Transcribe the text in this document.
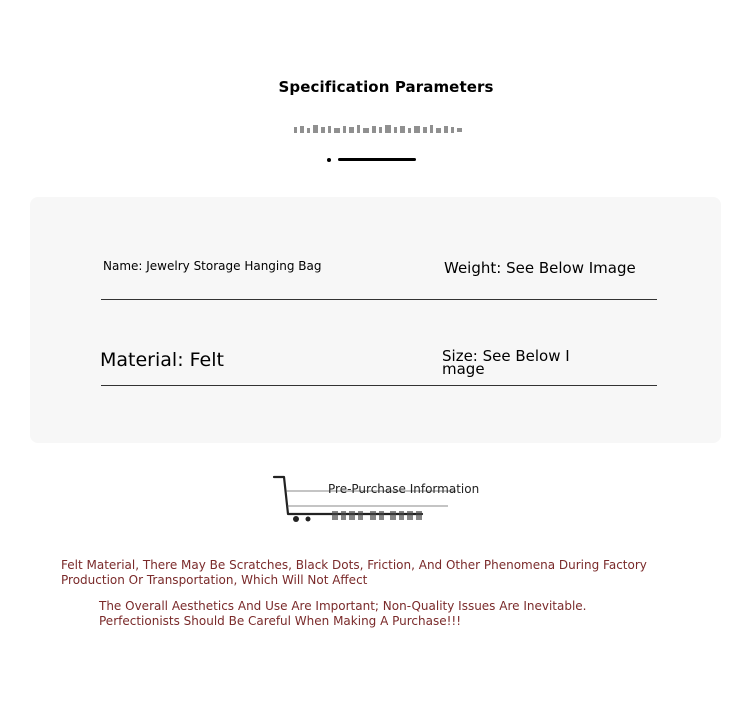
Specification Parameters
Name: Jewelry Storage Hanging Bag	Weight: See Below Image
Material: Felt	Size: See Below I mage
Pre-Purchase Information
Felt Material, There May Be Scratches, Black Dots, Friction, And Other Phenomena During Factory Production Or Transportation, Which Will Not Affect
The Overall Aesthetics And Use Are Important; Non-Quality Issues Are Inevitable. Perfectionists Should Be Careful When Making A Purchase!!!
